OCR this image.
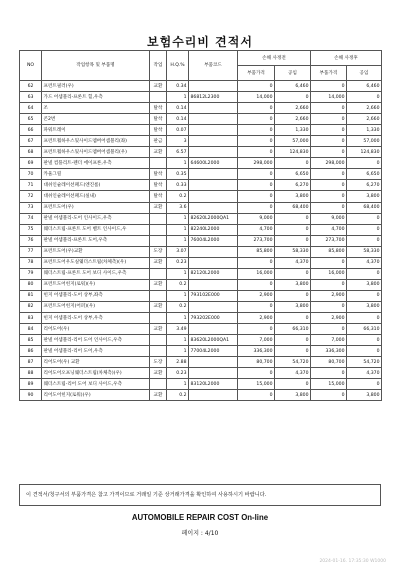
보험수리비 견적서
NO	작업항목 및 부품명	작업	H.Q.%	부품코드	손해 사정전		손해 사정후	
					부품가격	공임	부품가격	공임
62	프런트필러(우)	교환	0.34		0	6,460	0	6,460
63	가드 어셈블리-프론트 힐,우측		1	86812L2300	14,000	0	14,000	0
64	조	탈착	0.14		0	2,660	0	2,660
65	콘2번	탈착	0.14		0	2,660	0	2,660
66	파워트레이	탈착	0.07		0	1,330	0	1,330
67	프런트휠하우스및사이드멤버어셈블리(좌)	판금	3		0	57,000	0	57,000
68	프런트휠하우스및사이드멤버어셈블리(우)	교환	6.57		0	124,830	0	124,830
69	판넬 컴플리트-펜더 에이프론,우측		1	64600L2000	298,000	0	298,000	0
70	카울그릴	탈착	0.35		0	6,650	0	6,650
71	대쉬인슐레이션패드(엔진룸)	탈착	0.33		0	6,270	0	6,270
72	대쉬인슐레이션패드(실내)	탈착	0.2		0	3,800	0	3,800
73	프런트도어(우)	교환	3.6		0	68,400	0	68,400
74	판넬 어셈블리-도어 인사이드,우측		1	82620L2000QA1	9,000	0	9,000	0
75	웨더스트립-프론트 도어 벨트 인사이드,우		1	82240L2000	4,700	0	4,700	0
76	판넬 어셈블리-프론트 도어,우측		1	76004L2000	273,700	0	273,700	0
77	프런트도어(우)교환	도장	3.07		85,800	58,330	85,800	58,330
78	프런트도어우도실웨더스트립(차체측)(우)	교환	0.23		0	4,370	0	4,370
79	웨더스트립-프론트 도어 보디 사이드,우측		1	82120L2000	16,000	0	16,000	0
80	프런트도어힌지(로워)(우)	교환	0.2		0	3,800	0	3,800
81	힌지 어셈블리-도어 상부,좌측		1	793102E000	2,900	0	2,900	0
82	프런트도어힌지(어퍼)(우)	교환	0.2		0	3,800	0	3,800
83	힌지 어셈블리-도어 상부,우측		1	793202E000	2,900	0	2,900	0
84	리어도어(우)	교환	3.49		0	66,310	0	66,310
85	판넬 어셈블리-리어 도어 인사이드,우측		1	83620L2000QA1	7,000	0	7,000	0
86	판넬 어셈블리-리어 도어,우측		1	77004L2000	336,300	0	336,300	0
87	리어도어(우) 교환	도장	2.88		80,700	54,720	80,700	54,720
88	리어도어오프닝웨더스트립(차체측)(우)	교환	0.23		0	4,370	0	4,370
89	웨더스트립-리어 도어 보디 사이드,우측		1	83120L2000	15,000	0	15,000	0
90	리어도어힌지(로워)(우)	교환	0.2		0	3,800	0	3,800
이 견적서/청구서의 부품가격은 참고 가격이므로 거래일 기준 상거래가격을 확인하여 사용하시기 바랍니다.
AUTOMOBILE REPAIR COST On-line
페이지 : 4/10
2024-01-16. 17:35:30 W1000
